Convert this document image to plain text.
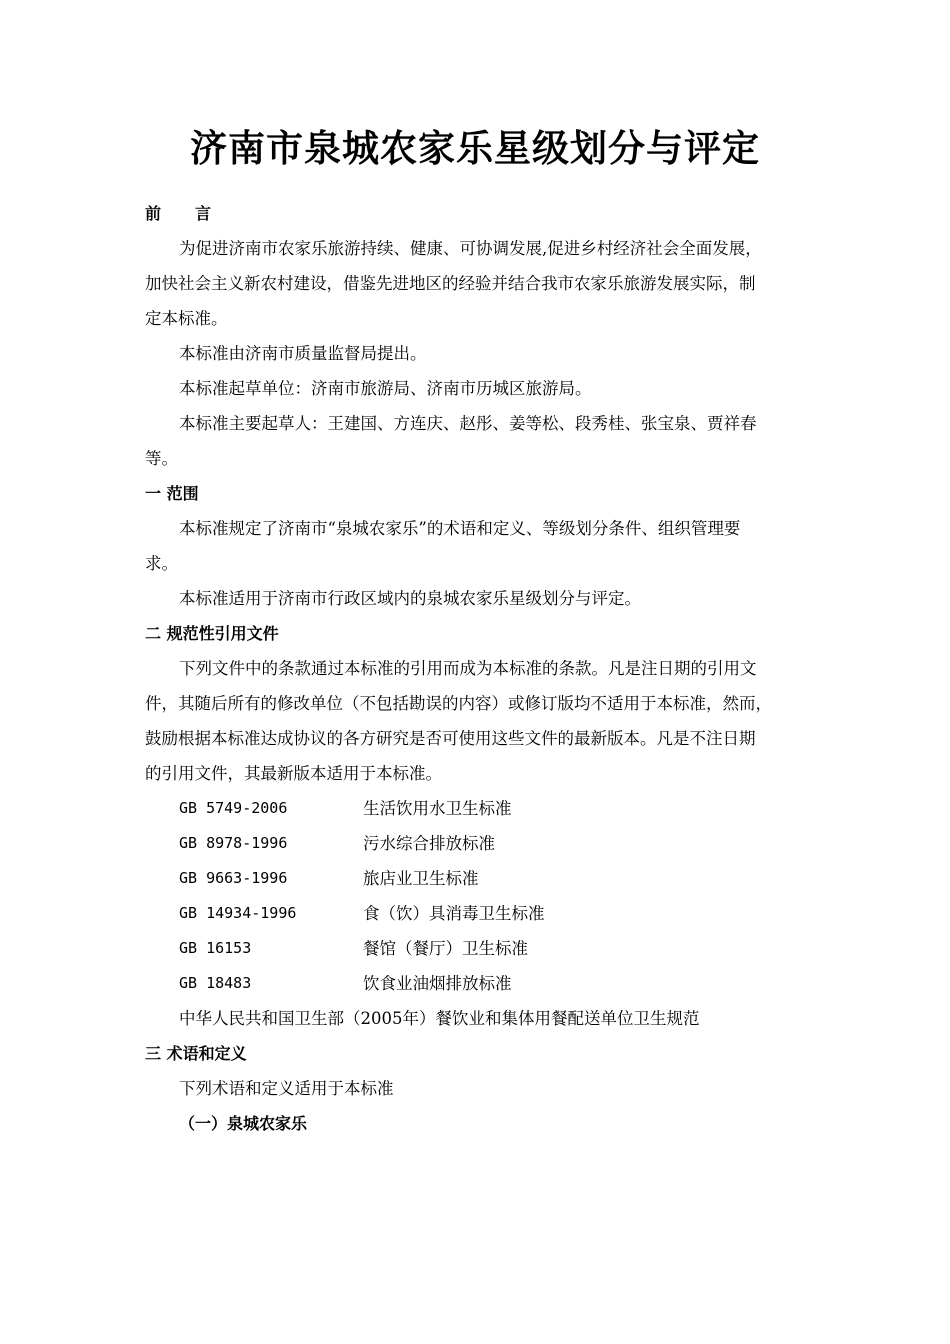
济南市泉城农家乐星级划分与评定
前 言
为促进济南市农家乐旅游持续、健康、可协调发展,促进乡村经济社会全面发展，
加快社会主义新农村建设，借鉴先进地区的经验并结合我市农家乐旅游发展实际，制
定本标准。
本标准由济南市质量监督局提出。
本标准起草单位：济南市旅游局、济南市历城区旅游局。
本标准主要起草人：王建国、方连庆、赵彤、姜等松、段秀桂、张宝泉、贾祥春
等。
一 范围
本标准规定了济南市“泉城农家乐”的术语和定义、等级划分条件、组织管理要
求。
本标准适用于济南市行政区域内的泉城农家乐星级划分与评定。
二 规范性引用文件
下列文件中的条款通过本标准的引用而成为本标准的条款。凡是注日期的引用文
件，其随后所有的修改单位（不包括勘误的内容）或修订版均不适用于本标准，然而，
鼓励根据本标准达成协议的各方研究是否可使用这些文件的最新版本。凡是不注日期
的引用文件，其最新版本适用于本标准。
GB 5749-2006	生活饮用水卫生标准
GB 8978-1996	污水综合排放标准
GB 9663-1996	旅店业卫生标准
GB 14934-1996	食（饮）具消毒卫生标准
GB 16153	餐馆（餐厅）卫生标准
GB 18483	饮食业油烟排放标准
中华人民共和国卫生部（2005年）餐饮业和集体用餐配送单位卫生规范
三 术语和定义
下列术语和定义适用于本标准
（一）泉城农家乐
